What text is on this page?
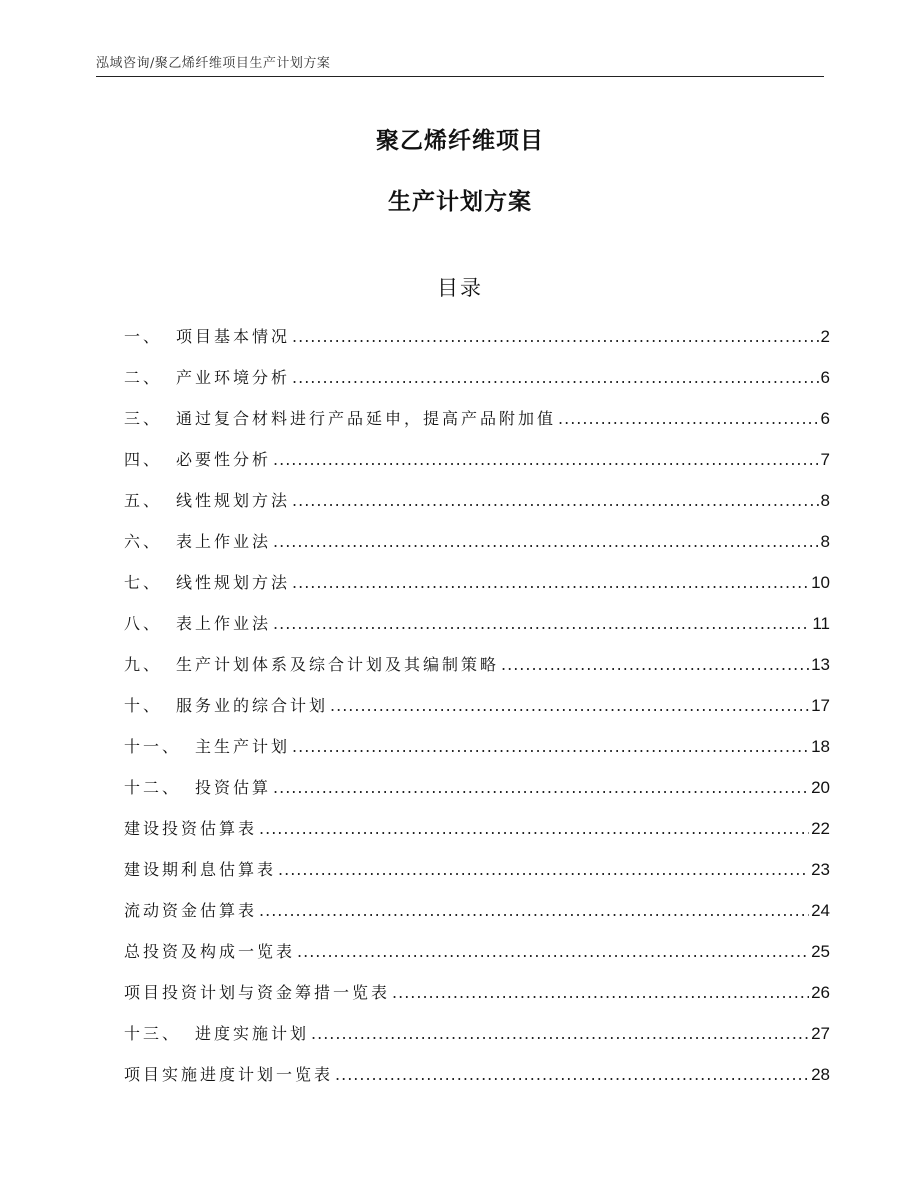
泓域咨询/聚乙烯纤维项目生产计划方案
聚乙烯纤维项目
生产计划方案
目录
一、 项目基本情况 .....	2
二、 产业环境分析 .....	6
三、 通过复合材料进行产品延申，提高产品附加值 .....	6
四、 必要性分析 .....	7
五、 线性规划方法 .....	8
六、 表上作业法 .....	8
七、 线性规划方法 .....	10
八、 表上作业法 .....	11
九、 生产计划体系及综合计划及其编制策略 .....	13
十、 服务业的综合计划 .....	17
十一、 主生产计划 .....	18
十二、 投资估算 .....	20
建设投资估算表 .....	22
建设期利息估算表 .....	23
流动资金估算表 .....	24
总投资及构成一览表 .....	25
项目投资计划与资金筹措一览表 .....	26
十三、 进度实施计划 .....	27
项目实施进度计划一览表 .....	28
